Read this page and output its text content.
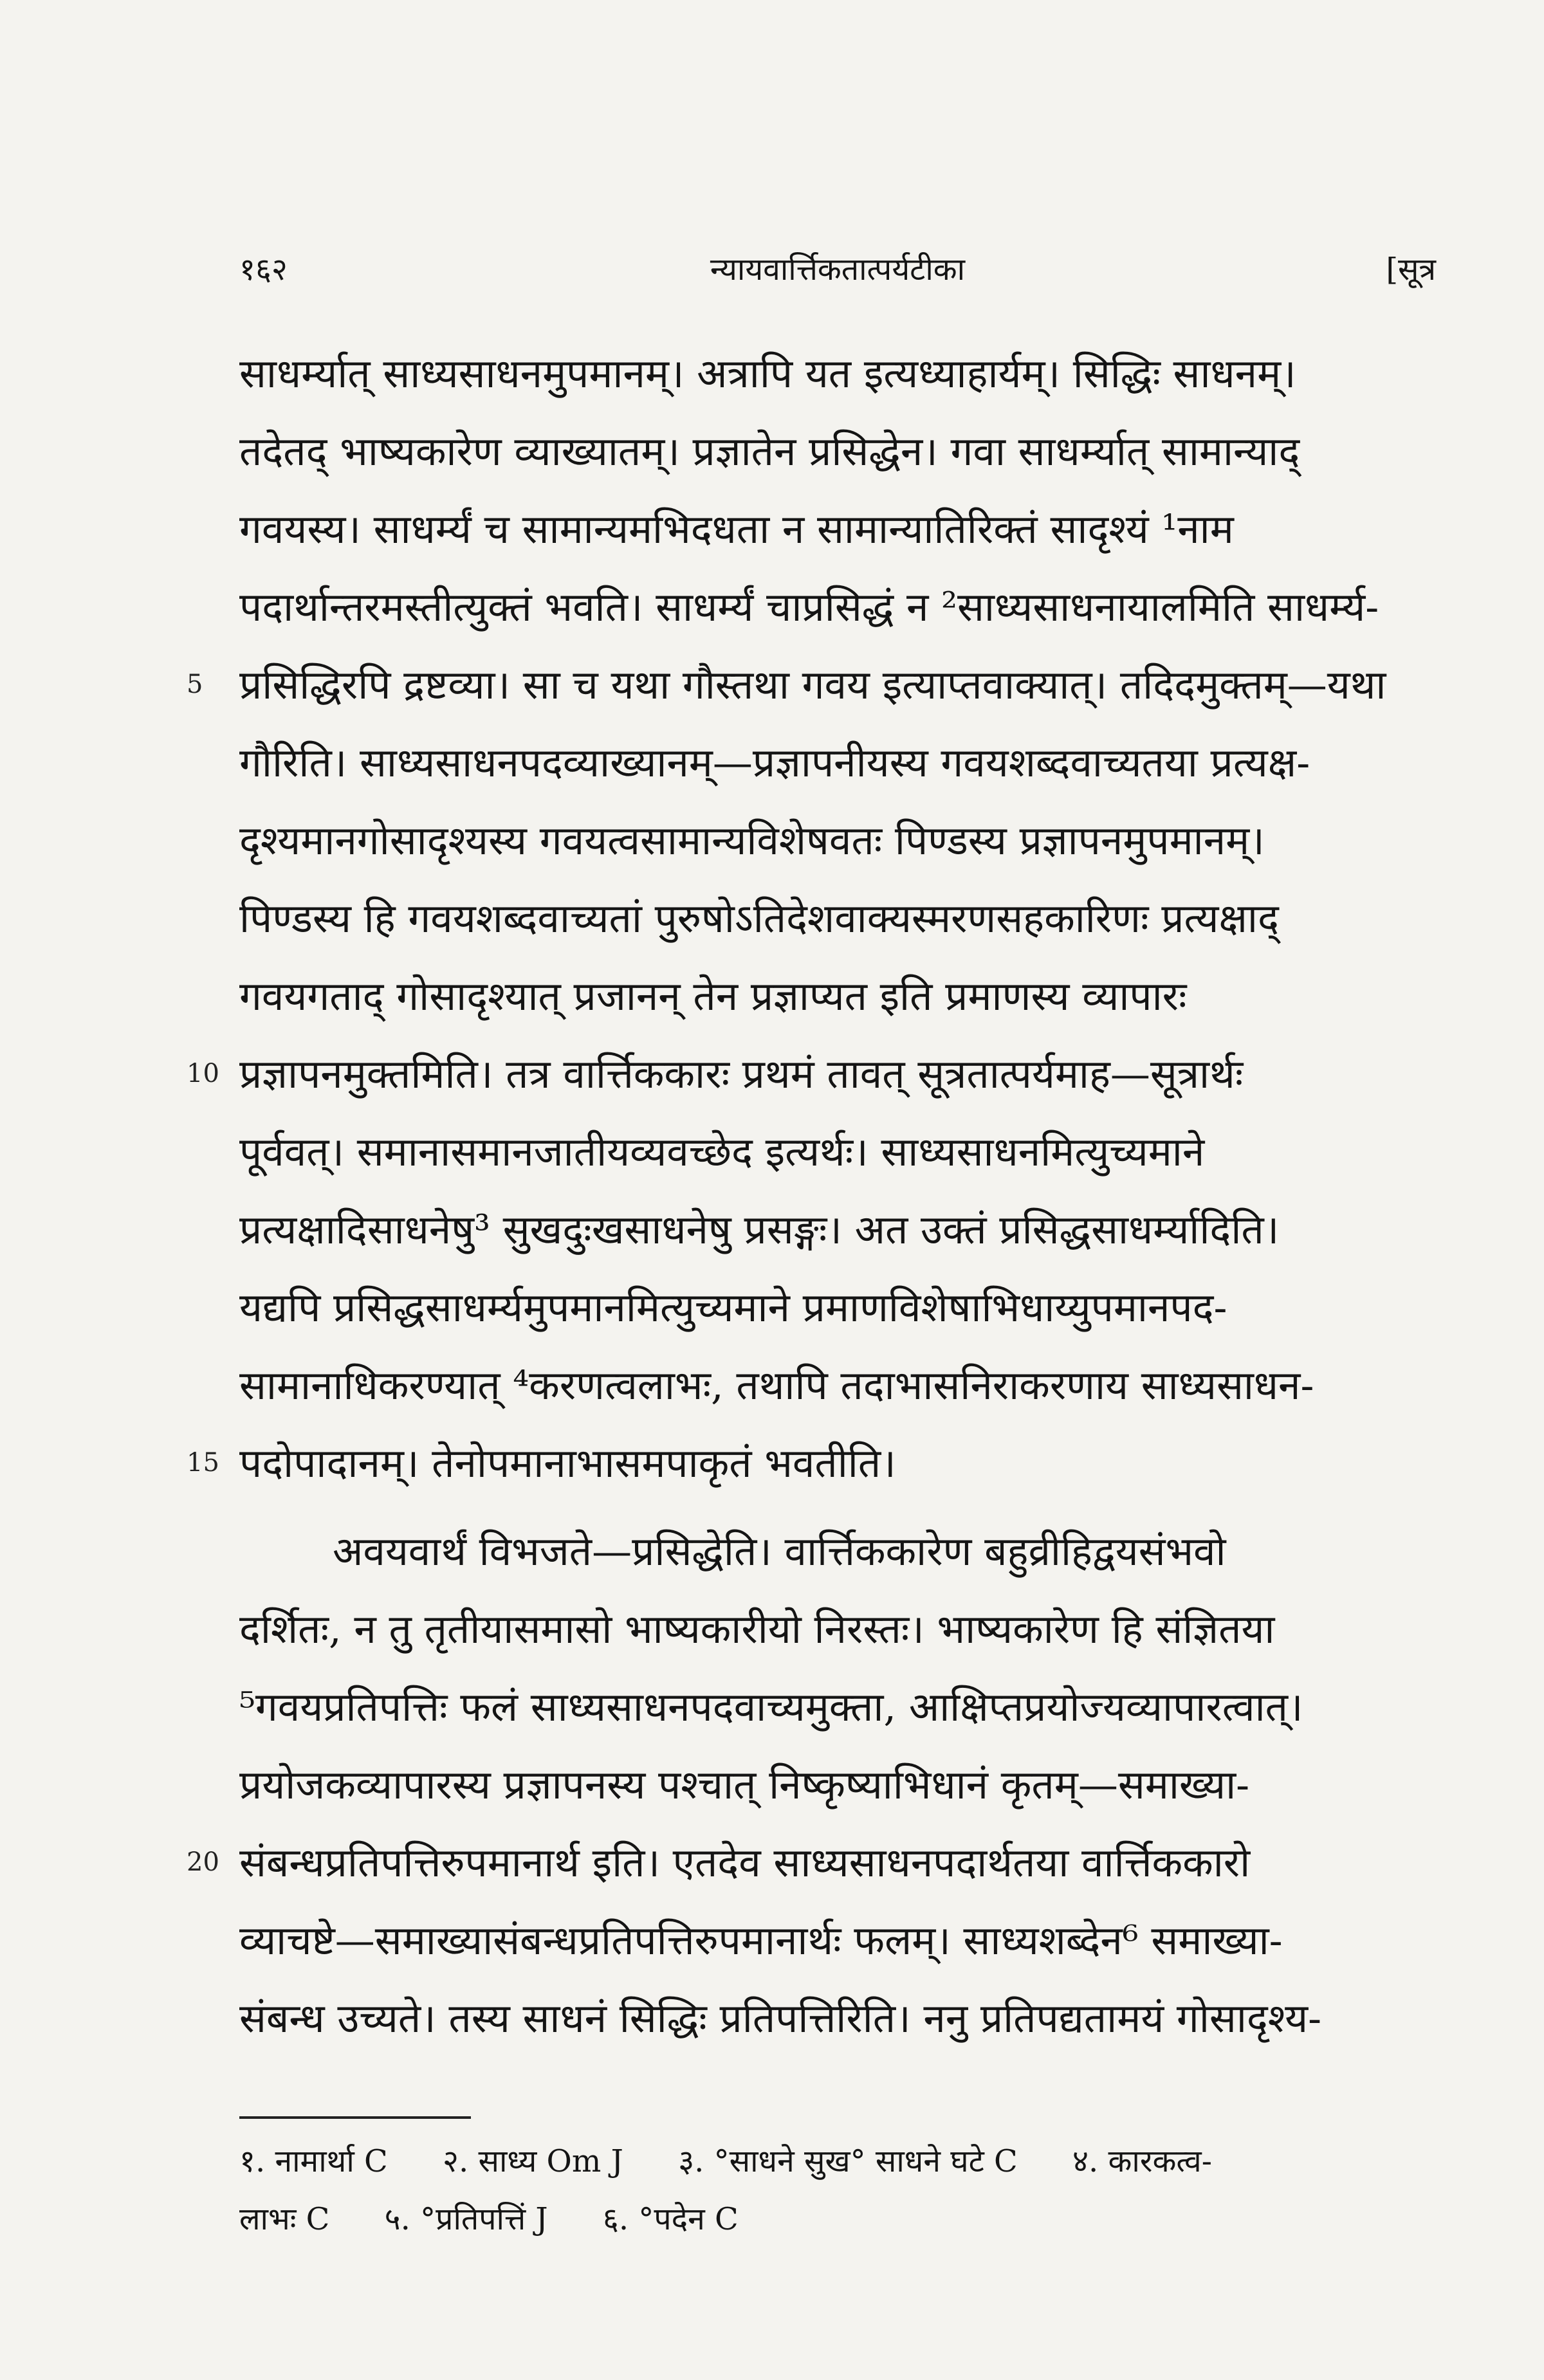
१६२	न्यायवार्त्तिकतात्पर्यटीका	[सूत्र
साधर्म्यात् साध्यसाधनमुपमानम्। अत्रापि यत इत्यध्याहार्यम्। सिद्धिः साधनम्।
तदेतद् भाष्यकारेण व्याख्यातम्। प्रज्ञातेन प्रसिद्धेन। गवा साधर्म्यात् सामान्याद्
गवयस्य। साधर्म्यं च सामान्यमभिदधता न सामान्यातिरिक्तं सादृश्यं ¹नाम
पदार्थान्तरमस्तीत्युक्तं भवति। साधर्म्यं चाप्रसिद्धं न ²साध्यसाधनायालमिति साधर्म्य-
5 प्रसिद्धिरपि द्रष्टव्या। सा च यथा गौस्तथा गवय इत्याप्तवाक्यात्। तदिदमुक्तम्—यथा
गौरिति। साध्यसाधनपदव्याख्यानम्—प्रज्ञापनीयस्य गवयशब्दवाच्यतया प्रत्यक्ष-
दृश्यमानगोसादृश्यस्य गवयत्वसामान्यविशेषवतः पिण्डस्य प्रज्ञापनमुपमानम्।
पिण्डस्य हि गवयशब्दवाच्यतां पुरुषोऽतिदेशवाक्यस्मरणसहकारिणः प्रत्यक्षाद्
गवयगताद् गोसादृश्यात् प्रजानन् तेन प्रज्ञाप्यत इति प्रमाणस्य व्यापारः
10 प्रज्ञापनमुक्तमिति। तत्र वार्त्तिककारः प्रथमं तावत् सूत्रतात्पर्यमाह—सूत्रार्थः
पूर्ववत्। समानासमानजातीयव्यवच्छेद इत्यर्थः। साध्यसाधनमित्युच्यमाने
प्रत्यक्षादिसाधनेषु³ सुखदुःखसाधनेषु प्रसङ्गः। अत उक्तं प्रसिद्धसाधर्म्यादिति।
यद्यपि प्रसिद्धसाधर्म्यमुपमानमित्युच्यमाने प्रमाणविशेषाभिधाय्युपमानपद-
सामानाधिकरण्यात् ⁴करणत्वलाभः, तथापि तदाभासनिराकरणाय साध्यसाधन-
15 पदोपादानम्। तेनोपमानाभासमपाकृतं भवतीति।
अवयवार्थं विभजते—प्रसिद्धेति। वार्त्तिककारेण बहुव्रीहिद्वयसंभवो
दर्शितः, न तु तृतीयासमासो भाष्यकारीयो निरस्तः। भाष्यकारेण हि संज्ञितया
⁵गवयप्रतिपत्तिः फलं साध्यसाधनपदवाच्यमुक्ता, आक्षिप्तप्रयोज्यव्यापारत्वात्।
प्रयोजकव्यापारस्य प्रज्ञापनस्य पश्चात् निष्कृष्याभिधानं कृतम्—समाख्या-
20 संबन्धप्रतिपत्तिरुपमानार्थ इति। एतदेव साध्यसाधनपदार्थतया वार्त्तिककारो
व्याचष्टे—समाख्यासंबन्धप्रतिपत्तिरुपमानार्थः फलम्। साध्यशब्देन⁶ समाख्या-
संबन्ध उच्यते। तस्य साधनं सिद्धिः प्रतिपत्तिरिति। ननु प्रतिपद्यतामयं गोसादृश्य-
१. नामार्था C २. साध्य Om J ३. °साधने सुख° साधने घटे C ४. कारकत्व-
लाभः C ५. °प्रतिपत्तिं J ६. °पदेन C
